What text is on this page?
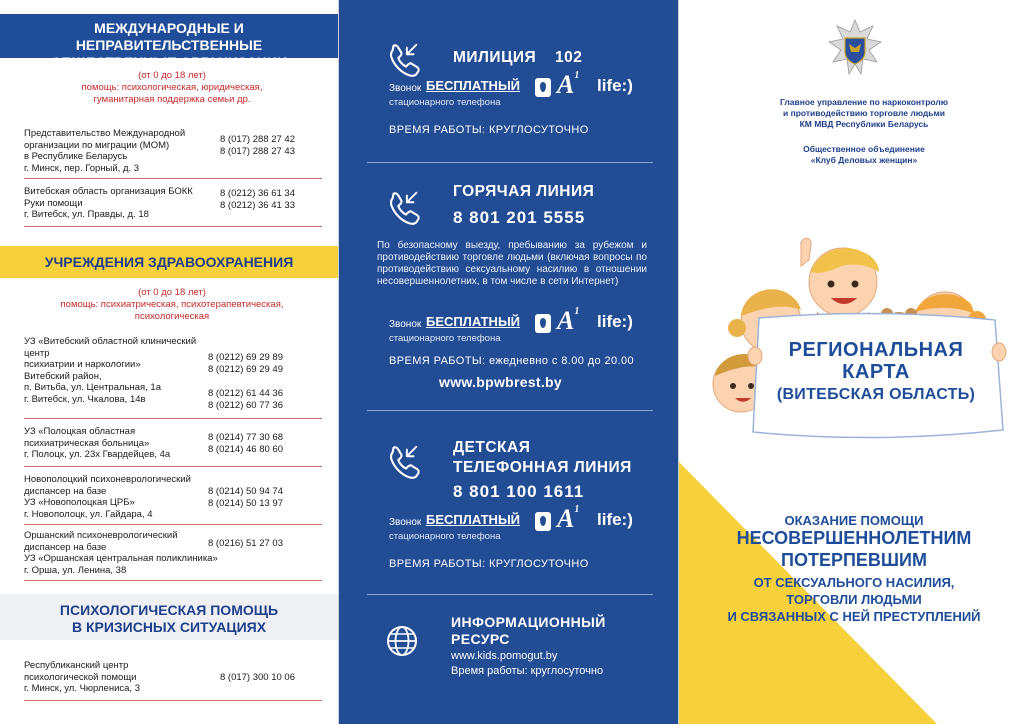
МЕЖДУНАРОДНЫЕ И НЕПРАВИТЕЛЬСТВЕННЫЕ
ОБЩЕСТВЕННЫЕ ОРГАНИЗАЦИИ
(от 0 до 18 лет)
помощь: психологическая, юридическая,
гуманитарная поддержка семьи др.
Представительство Международной
организации по миграции (МОМ)
в Республике Беларусь
г. Минск, пер. Горный, д. 3
8 (017) 288 27 42
8 (017) 288 27 43
Витебская область организация БОКК
Руки помощи
г. Витебск, ул. Правды, д. 18
8 (0212) 36 61 34
8 (0212) 36 41 33
УЧРЕЖДЕНИЯ ЗДРАВООХРАНЕНИЯ
(от 0 до 18 лет)
помощь: психиатрическая, психотерапевтическая,
психологическая
УЗ «Витебский областной клинический центр
психиатрии и наркологии»
Витебский район,
п. Витьба, ул. Центральная, 1а
г. Витебск, ул. Чкалова, 14в
8 (0212) 69 29 89
8 (0212) 69 29 49
8 (0212) 61 44 36
8 (0212) 60 77 36
УЗ «Полоцкая областная
психиатрическая больница»
г. Полоцк, ул. 23х Гвардейцев, 4а
8 (0214) 77 30 68
8 (0214) 46 80 60
Новополоцкий психоневрологический
диспансер на базе
УЗ «Новополоцкая ЦРБ»
г. Новополоцк, ул. Гайдара, 4
8 (0214) 50 94 74
8 (0214) 50 13 97
Оршанский психоневрологический
диспансер на базе
УЗ «Оршанская центральная поликлиника»
г. Орша, ул. Ленина, 38
8 (0216) 51 27 03
ПСИХОЛОГИЧЕСКАЯ ПОМОЩЬ
В КРИЗИСНЫХ СИТУАЦИЯХ
Республиканский центр
психологической помощи
г. Минск, ул. Чюрлениса, 3
8 (017) 300 10 06
МИЛИЦИЯ 102
Звонок БЕСПЛАТНЫЙ $A^1$
life:)
стационарного телефона
ВРЕМЯ РАБОТЫ: КРУГЛОСУТОЧНО
ГОРЯЧАЯ ЛИНИЯ
8 801 201 5555
По безопасному выезду, пребыванию за рубежом и противодействию торговле людьми (включая вопросы по противодействию сексуальному насилию в отношении несовершеннолетних, в том числе в сети Интернет)
Звонок БЕСПЛАТНЫЙ $A^1$
life:)
стационарного телефона
ВРЕМЯ РАБОТЫ: ежедневно с 8.00 до 20.00
www.bpwbrest.by
ДЕТСКАЯ
ТЕЛЕФОННАЯ ЛИНИЯ
8 801 100 1611
Звонок БЕСПЛАТНЫЙ $A^1$
life:)
стационарного телефона
ВРЕМЯ РАБОТЫ: КРУГЛОСУТОЧНО
ИНФОРМАЦИОННЫЙ
РЕСУРС
www.kids.pomogut.by
Время работы: круглосуточно
Главное управление по наркоконтролю
и противодействию торговле людьми
КМ МВД Республики Беларусь
Общественное объединение
«Клуб Деловых женщин»
РЕГИОНАЛЬНАЯ
КАРТА
(ВИТЕБСКАЯ ОБЛАСТЬ)
ОКАЗАНИЕ ПОМОЩИ
НЕСОВЕРШЕННОЛЕТНИМ
ПОТЕРПЕВШИМ
ОТ СЕКСУАЛЬНОГО НАСИЛИЯ,
ТОРГОВЛИ ЛЮДЬМИ
И СВЯЗАННЫХ С НЕЙ ПРЕСТУПЛЕНИЙ
